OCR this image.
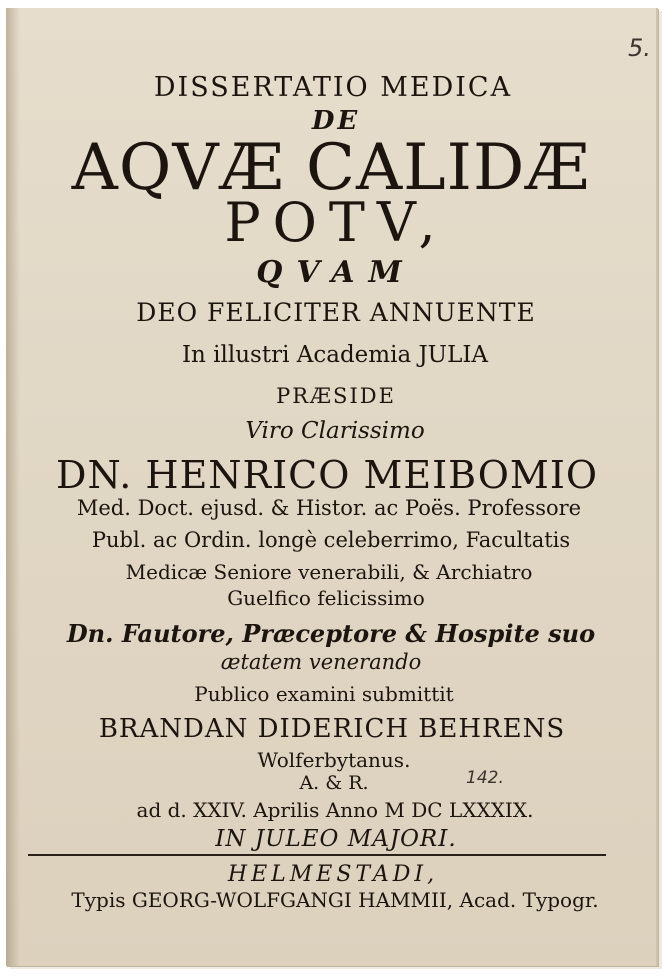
5.
DISSERTATIO MEDICA
DE
AQVÆ CALIDÆ
POTV,
QVAM
DEO FELICITER ANNUENTE
In illustri Academia JULIA
PRÆSIDE
Viro Clarissimo
DN. HENRICO MEIBOMIO
Med. Doct. ejusd. & Histor. ac Poës. Professore
Publ. ac Ordin. longè celeberrimo, Facultatis
Medicæ Seniore venerabili, & Archiatro
Guelfico felicissimo
Dn. Fautore, Præceptore & Hospite suo
ætatem venerando
Publico examini submittit
BRANDAN DIDERICH BEHRENS
Wolferbytanus.
A. & R.	142.
ad d. XXIV. Aprilis Anno M DC LXXXIX.
IN JULEO MAJORI.
HELMESTADI,
Typis GEORG-WOLFGANGI HAMMII, Acad. Typogr.
